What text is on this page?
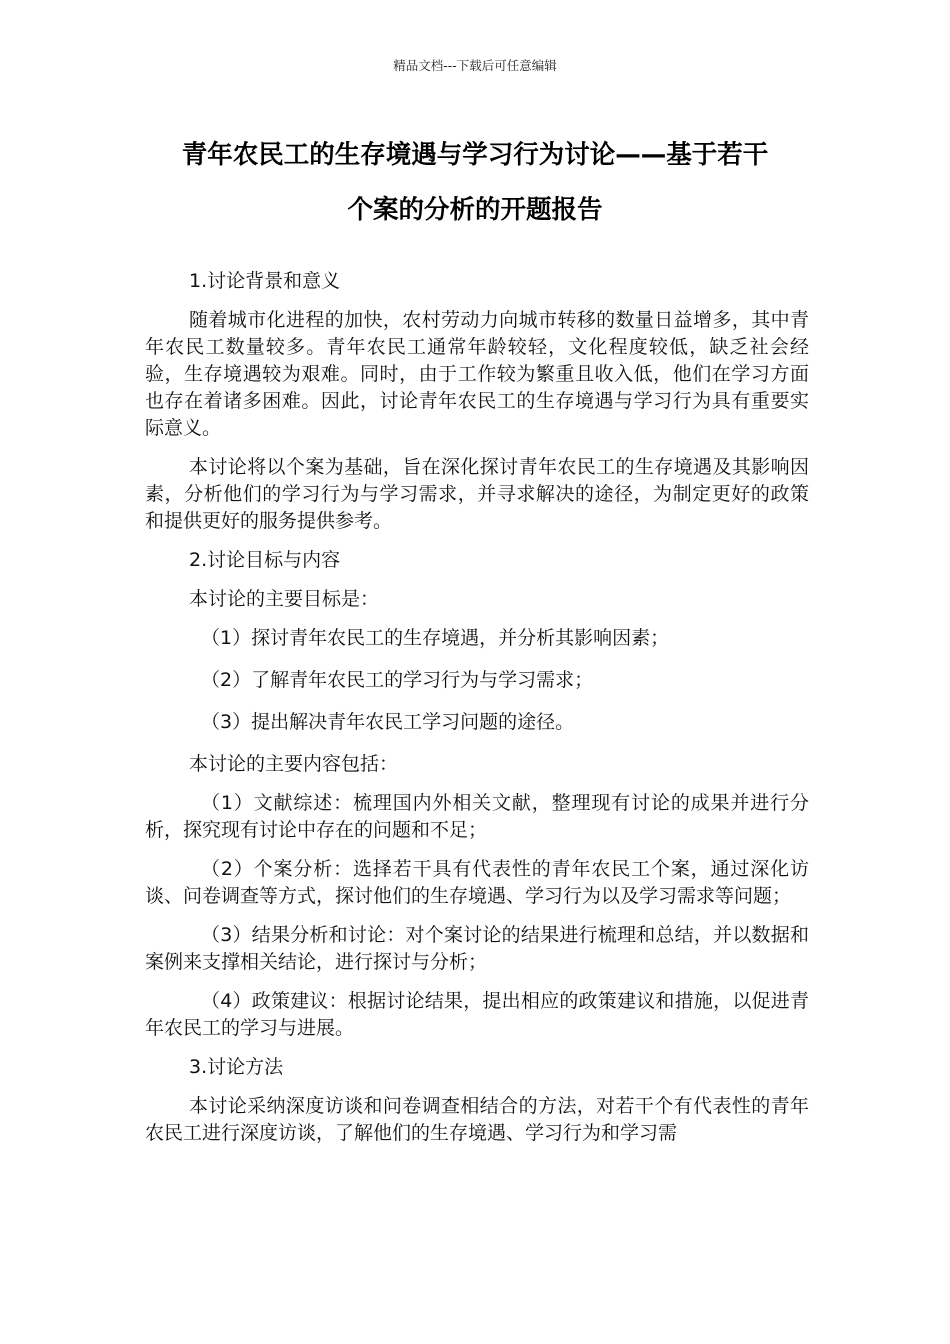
精品文档---下载后可任意编辑
青年农民工的生存境遇与学习行为讨论——基于若干
个案的分析的开题报告

1.讨论背景和意义

随着城市化进程的加快，农村劳动力向城市转移的数量日益增多，其中青年农民工数量较多。青年农民工通常年龄较轻，文化程度较低，缺乏社会经验，生存境遇较为艰难。同时，由于工作较为繁重且收入低，他们在学习方面也存在着诸多困难。因此，讨论青年农民工的生存境遇与学习行为具有重要实际意义。

本讨论将以个案为基础，旨在深化探讨青年农民工的生存境遇及其影响因素，分析他们的学习行为与学习需求，并寻求解决的途径，为制定更好的政策和提供更好的服务提供参考。

2.讨论目标与内容

本讨论的主要目标是：

（1）探讨青年农民工的生存境遇，并分析其影响因素；

（2）了解青年农民工的学习行为与学习需求；

（3）提出解决青年农民工学习问题的途径。

本讨论的主要内容包括：

（1）文献综述：梳理国内外相关文献，整理现有讨论的成果并进行分析，探究现有讨论中存在的问题和不足；

（2）个案分析：选择若干具有代表性的青年农民工个案，通过深化访谈、问卷调查等方式，探讨他们的生存境遇、学习行为以及学习需求等问题；

（3）结果分析和讨论：对个案讨论的结果进行梳理和总结，并以数据和案例来支撑相关结论，进行探讨与分析；

（4）政策建议：根据讨论结果，提出相应的政策建议和措施，以促进青年农民工的学习与进展。

3.讨论方法

本讨论采纳深度访谈和问卷调查相结合的方法，对若干个有代表性的青年农民工进行深度访谈，了解他们的生存境遇、学习行为和学习需
